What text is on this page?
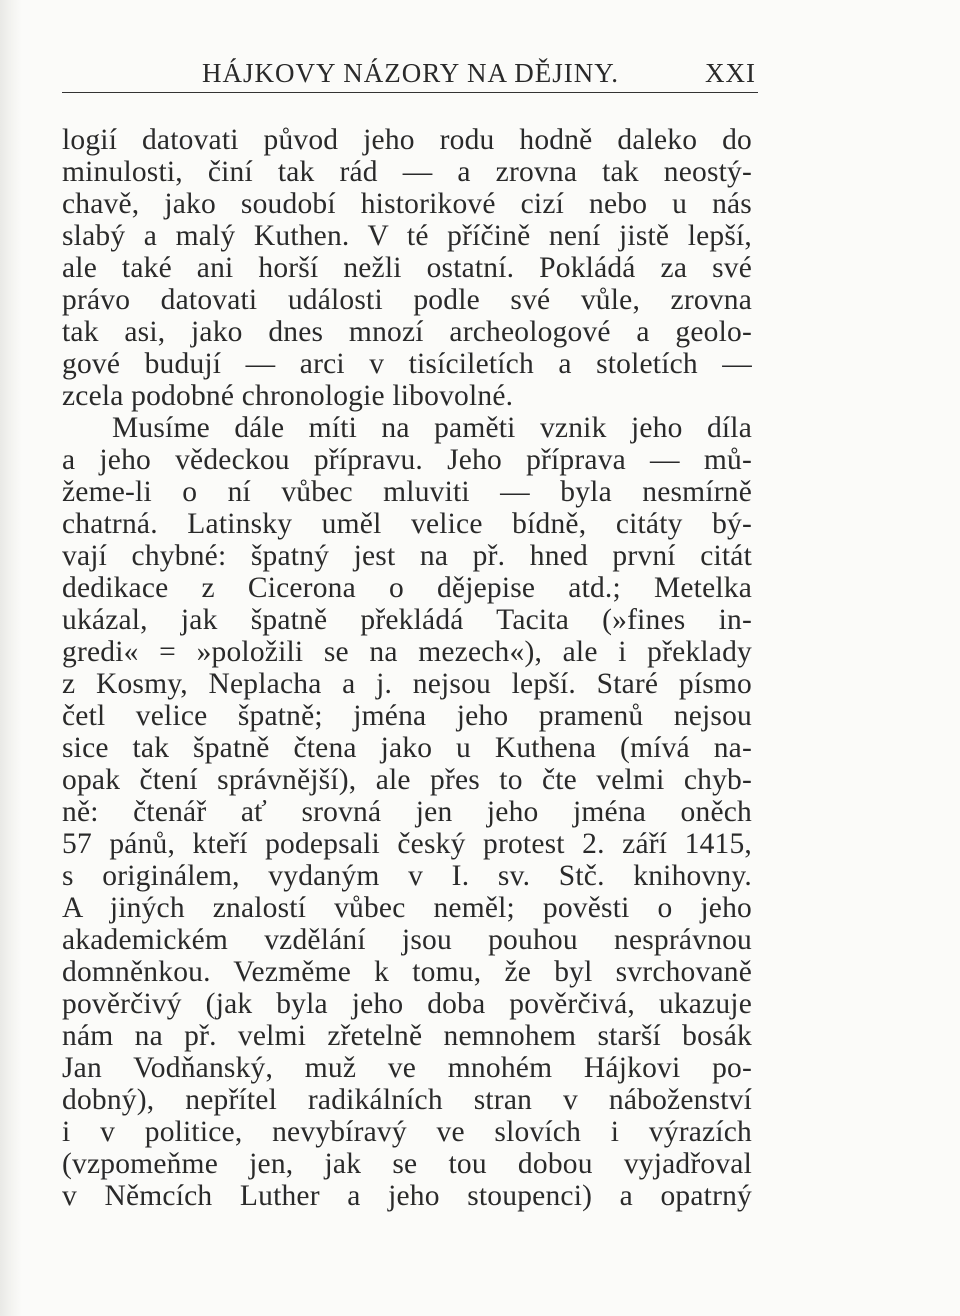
HÁJKOVY NÁZORY NA DĚJINY.	XXI
logií datovati původ jeho rodu hodně daleko do
minulosti, činí tak rád — a zrovna tak neostý-
chavě, jako soudobí historikové cizí nebo u nás
slabý a malý Kuthen. V té příčině není jistě lepší,
ale také ani horší nežli ostatní. Pokládá za své
právo datovati události podle své vůle, zrovna
tak asi, jako dnes mnozí archeologové a geolo-
gové budují — arci v tisíciletích a stoletích —
zcela podobné chronologie libovolné.
Musíme dále míti na paměti vznik jeho díla
a jeho vědeckou přípravu. Jeho příprava — mů-
žeme-li o ní vůbec mluviti — byla nesmírně
chatrná. Latinsky uměl velice bídně, citáty bý-
vají chybné: špatný jest na př. hned první citát
dedikace z Cicerona o dějepise atd.; Metelka
ukázal, jak špatně překládá Tacita (»fines in-
gredi« = »položili se na mezech«), ale i překlady
z Kosmy, Neplacha a j. nejsou lepší. Staré písmo
četl velice špatně; jména jeho pramenů nejsou
sice tak špatně čtena jako u Kuthena (mívá na-
opak čtení správnější), ale přes to čte velmi chyb-
ně: čtenář ať srovná jen jeho jména oněch
57 pánů, kteří podepsali český protest 2. září 1415,
s originálem, vydaným v I. sv. Stč. knihovny.
A jiných znalostí vůbec neměl; pověsti o jeho
akademickém vzdělání jsou pouhou nesprávnou
domněnkou. Vezměme k tomu, že byl svrchovaně
pověrčivý (jak byla jeho doba pověrčivá, ukazuje
nám na př. velmi zřetelně nemnohem starší bosák
Jan Vodňanský, muž ve mnohém Hájkovi po-
dobný), nepřítel radikálních stran v náboženství
i v politice, nevybíravý ve slovích i výrazích
(vzpomeňme jen, jak se tou dobou vyjadřoval
v Němcích Luther a jeho stoupenci) a opatrný
